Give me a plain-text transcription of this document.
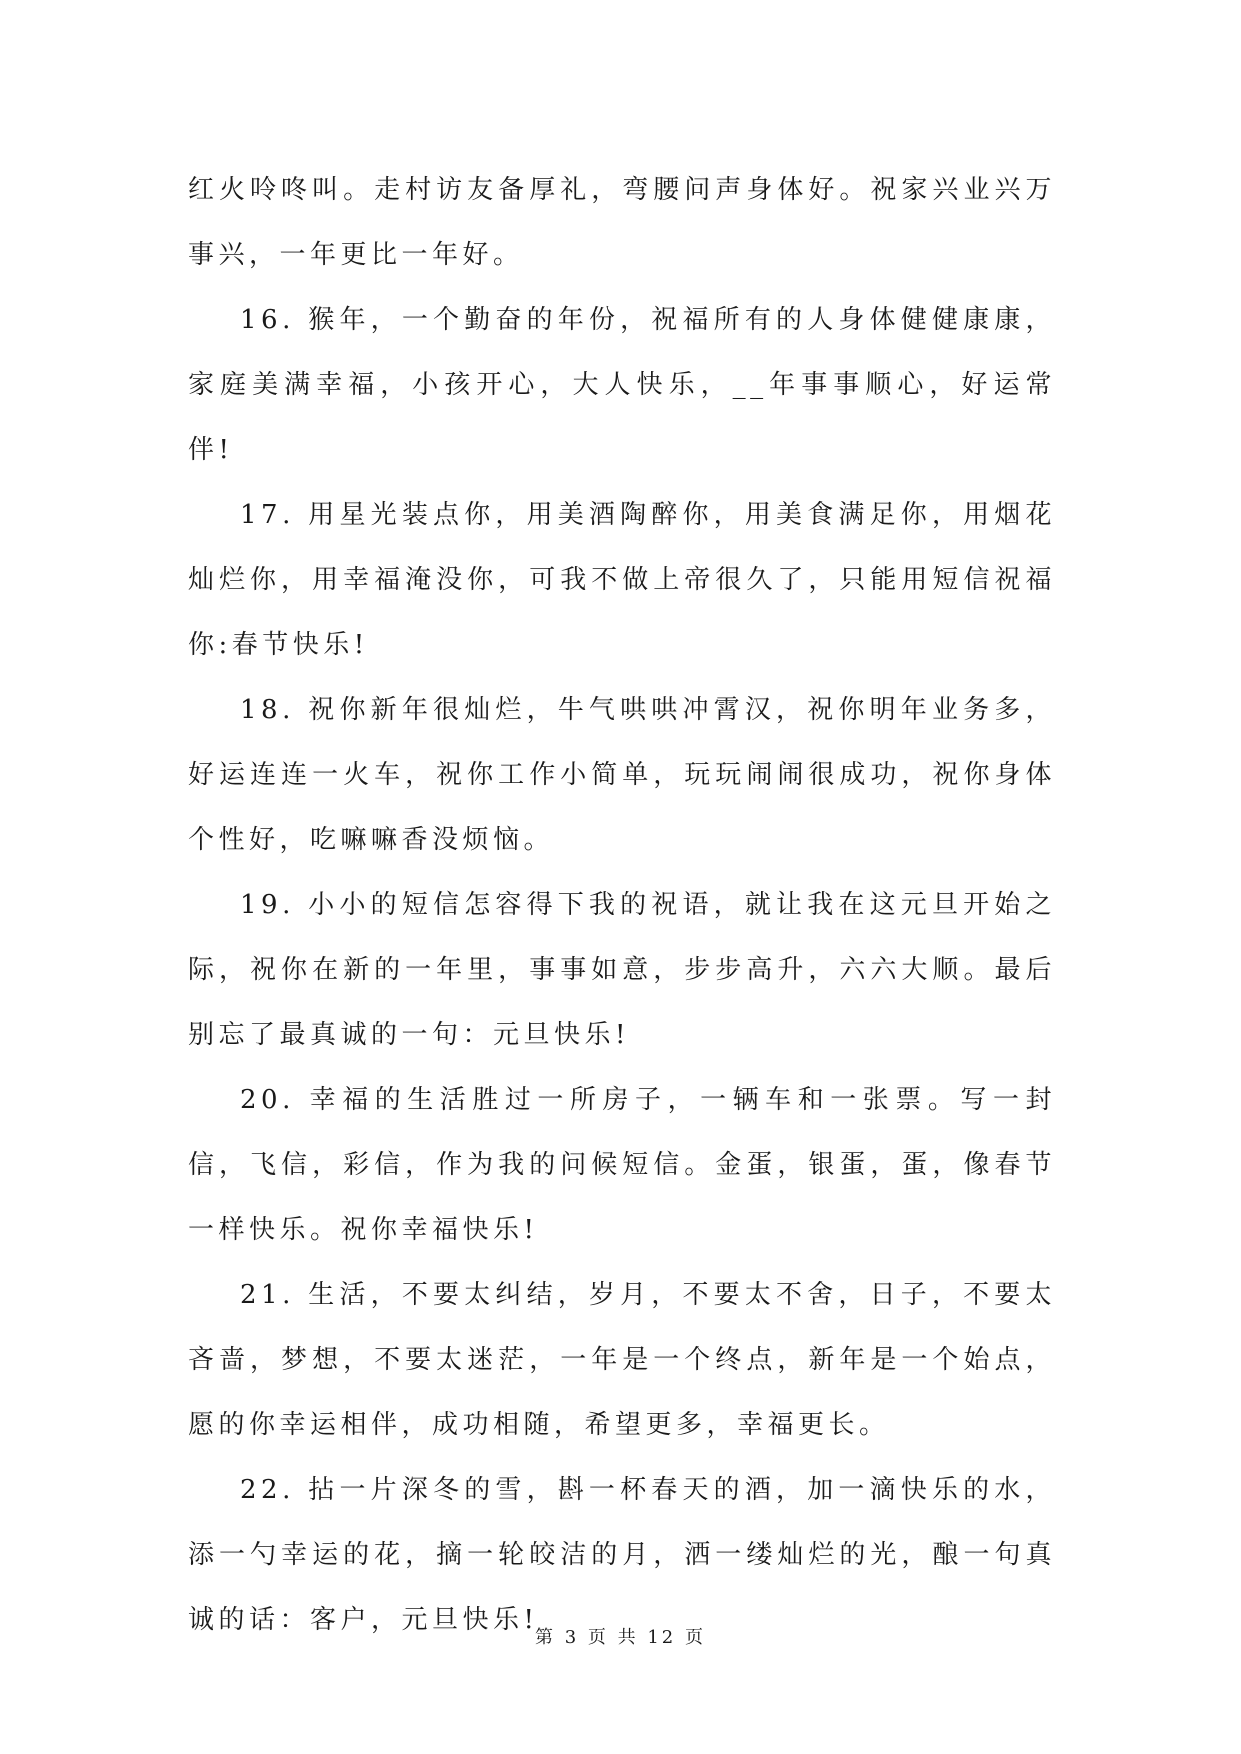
红火呤咚叫。走村访友备厚礼，弯腰问声身体好。祝家兴业兴万事兴，一年更比一年好。

16. 猴年，一个勤奋的年份，祝福所有的人身体健健康康，家庭美满幸福，小孩开心，大人快乐，__年事事顺心，好运常伴!

17. 用星光装点你，用美酒陶醉你，用美食满足你，用烟花灿烂你，用幸福淹没你，可我不做上帝很久了，只能用短信祝福你:春节快乐!

18. 祝你新年很灿烂，牛气哄哄冲霄汉，祝你明年业务多，好运连连一火车，祝你工作小简单，玩玩闹闹很成功，祝你身体个性好，吃嘛嘛香没烦恼。

19. 小小的短信怎容得下我的祝语，就让我在这元旦开始之际，祝你在新的一年里，事事如意，步步高升，六六大顺。最后别忘了最真诚的一句：元旦快乐!

20. 幸福的生活胜过一所房子，一辆车和一张票。写一封信，飞信，彩信，作为我的问候短信。金蛋，银蛋，蛋，像春节一样快乐。祝你幸福快乐!

21. 生活，不要太纠结，岁月，不要太不舍，日子，不要太吝啬，梦想，不要太迷茫，一年是一个终点，新年是一个始点，愿的你幸运相伴，成功相随，希望更多，幸福更长。

22. 拈一片深冬的雪，斟一杯春天的酒，加一滴快乐的水，添一勺幸运的花，摘一轮皎洁的月，洒一缕灿烂的光，酿一句真诚的话：客户，元旦快乐!

第 3 页 共 12 页
